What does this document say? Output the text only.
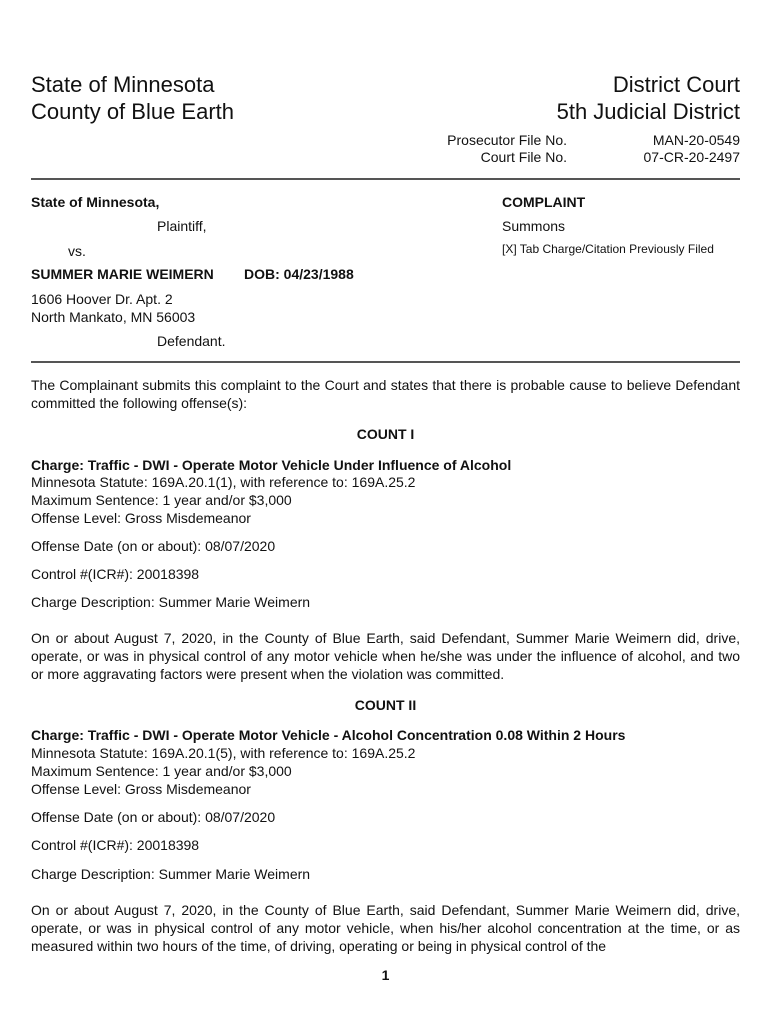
State of Minnesota
County of Blue Earth
District Court
5th Judicial District
Prosecutor File No.
Court File No.
MAN-20-0549
07-CR-20-2497
State of Minnesota,
Plaintiff,
vs.
SUMMER MARIE WEIMERN DOB: 04/23/1988
1606 Hoover Dr. Apt. 2
North Mankato, MN 56003
Defendant.
COMPLAINT
Summons
[X] Tab Charge/Citation Previously Filed
The Complainant submits this complaint to the Court and states that there is probable cause to believe Defendant committed the following offense(s):
COUNT I
Charge: Traffic - DWI - Operate Motor Vehicle Under Influence of Alcohol
Minnesota Statute: 169A.20.1(1), with reference to: 169A.25.2
Maximum Sentence: 1 year and/or $3,000
Offense Level: Gross Misdemeanor
Offense Date (on or about): 08/07/2020
Control #(ICR#): 20018398
Charge Description: Summer Marie Weimern
On or about August 7, 2020, in the County of Blue Earth, said Defendant, Summer Marie Weimern did, drive, operate, or was in physical control of any motor vehicle when he/she was under the influence of alcohol, and two or more aggravating factors were present when the violation was committed.
COUNT II
Charge: Traffic - DWI - Operate Motor Vehicle - Alcohol Concentration 0.08 Within 2 Hours
Minnesota Statute: 169A.20.1(5), with reference to: 169A.25.2
Maximum Sentence: 1 year and/or $3,000
Offense Level: Gross Misdemeanor
Offense Date (on or about): 08/07/2020
Control #(ICR#): 20018398
Charge Description: Summer Marie Weimern
On or about August 7, 2020, in the County of Blue Earth, said Defendant, Summer Marie Weimern did, drive, operate, or was in physical control of any motor vehicle, when his/her alcohol concentration at the time, or as measured within two hours of the time, of driving, operating or being in physical control of the
1
